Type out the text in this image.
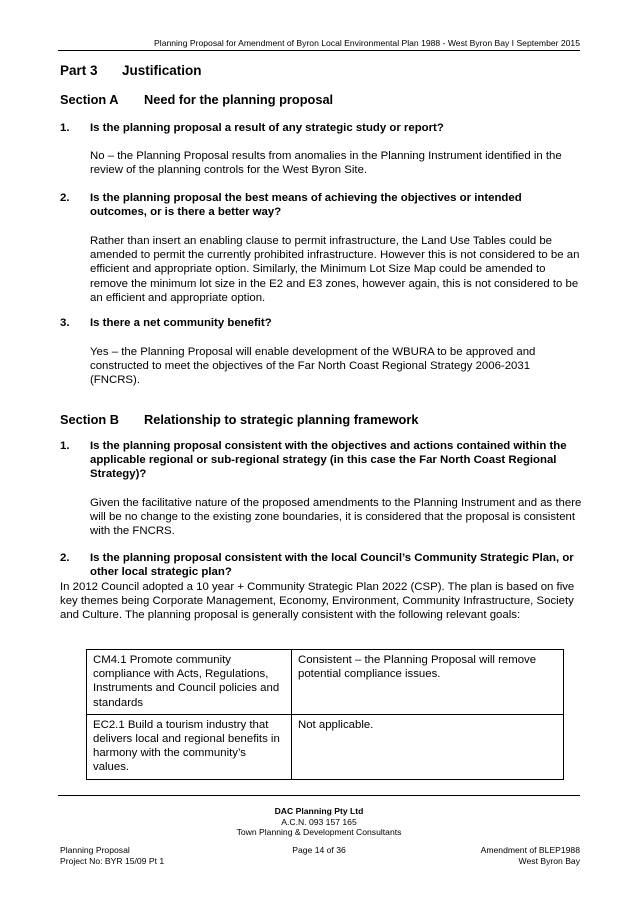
Planning Proposal for Amendment of Byron Local Environmental Plan 1988 - West Byron Bay I September 2015
Part 3 Justification
Section A Need for the planning proposal
1. Is the planning proposal a result of any strategic study or report?
No – the Planning Proposal results from anomalies in the Planning Instrument identified in the review of the planning controls for the West Byron Site.
2. Is the planning proposal the best means of achieving the objectives or intended outcomes, or is there a better way?
Rather than insert an enabling clause to permit infrastructure, the Land Use Tables could be amended to permit the currently prohibited infrastructure. However this is not considered to be an efficient and appropriate option. Similarly, the Minimum Lot Size Map could be amended to remove the minimum lot size in the E2 and E3 zones, however again, this is not considered to be an efficient and appropriate option.
3. Is there a net community benefit?
Yes – the Planning Proposal will enable development of the WBURA to be approved and constructed to meet the objectives of the Far North Coast Regional Strategy 2006-2031 (FNCRS).
Section B Relationship to strategic planning framework
1. Is the planning proposal consistent with the objectives and actions contained within the applicable regional or sub-regional strategy (in this case the Far North Coast Regional Strategy)?
Given the facilitative nature of the proposed amendments to the Planning Instrument and as there will be no change to the existing zone boundaries, it is considered that the proposal is consistent with the FNCRS.
2. Is the planning proposal consistent with the local Council’s Community Strategic Plan, or other local strategic plan?
In 2012 Council adopted a 10 year + Community Strategic Plan 2022 (CSP). The plan is based on five key themes being Corporate Management, Economy, Environment, Community Infrastructure, Society and Culture. The planning proposal is generally consistent with the following relevant goals:
CM4.1 Promote community compliance with Acts, Regulations, Instruments and Council policies and standards	Consistent – the Planning Proposal will remove potential compliance issues.
EC2.1 Build a tourism industry that delivers local and regional benefits in harmony with the community’s values.	Not applicable.
DAC Planning Pty Ltd
A.C.N. 093 157 165
Town Planning & Development Consultants
Planning Proposal
Project No: BYR 15/09 Pt 1
Page 14 of 36	Amendment of BLEP1988
West Byron Bay
